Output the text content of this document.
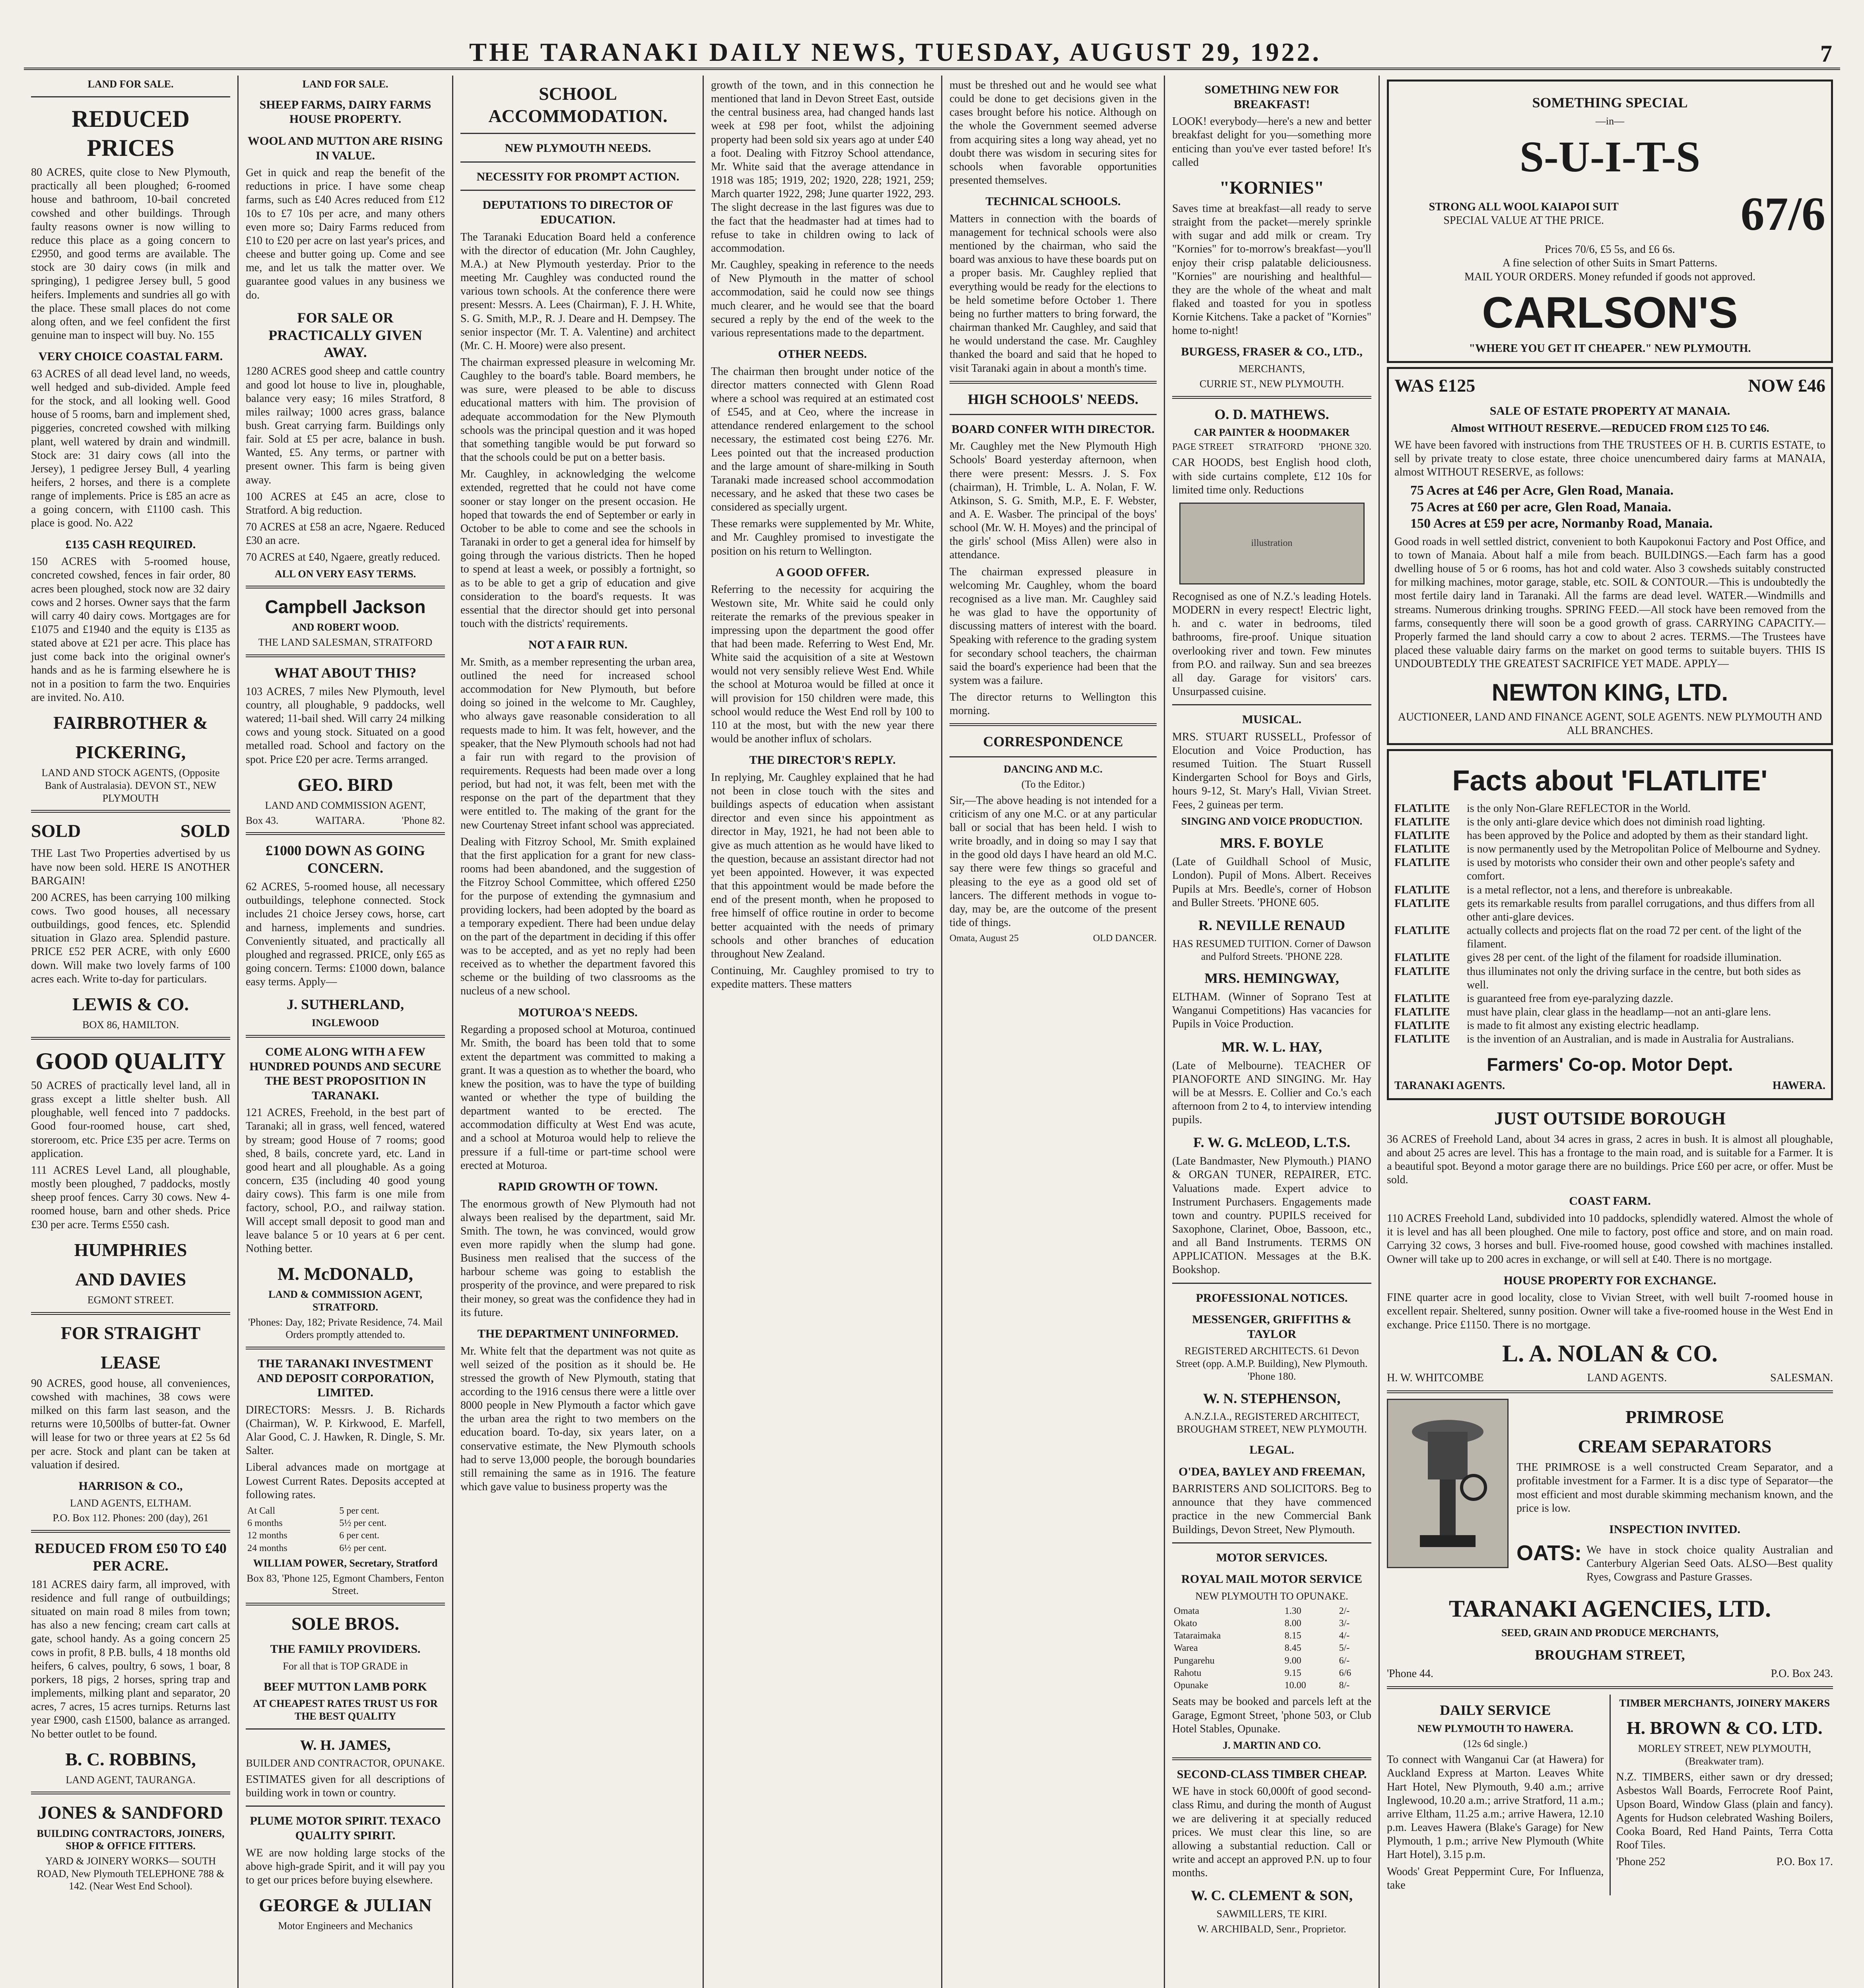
THE TARANAKI DAILY NEWS, TUESDAY, AUGUST 29, 1922.	7
LAND FOR SALE.
REDUCED PRICES
80 ACRES, quite close to New Plymouth, practically all been ploughed; 6-roomed house and bathroom, 10-bail concreted cowshed and other buildings. Through faulty reasons owner is now willing to reduce this place as a going concern to £2950, and good terms are available. The stock are 30 dairy cows (in milk and springing), 1 pedigree Jersey bull, 5 good heifers. Implements and sundries all go with the place. These small places do not come along often, and we feel confident the first genuine man to inspect will buy. No. 155
VERY CHOICE COASTAL FARM.
63 ACRES of all dead level land, no weeds, well hedged and sub-divided. Ample feed for the stock, and all looking well. Good house of 5 rooms, barn and implement shed, piggeries, concreted cowshed with milking plant, well watered by drain and windmill. Stock are: 31 dairy cows (all into the Jersey), 1 pedigree Jersey Bull, 4 yearling heifers, 2 horses, and there is a complete range of implements. Price is £85 an acre as a going concern, with £1100 cash. This place is good. No. A22
£135 CASH REQUIRED.
150 ACRES with 5-roomed house, concreted cowshed, fences in fair order, 80 acres been ploughed, stock now are 32 dairy cows and 2 horses. Owner says that the farm will carry 40 dairy cows. Mortgages are for £1075 and £1940 and the equity is £135 as stated above at £21 per acre. This place has just come back into the original owner's hands and as he is farming elsewhere he is not in a position to farm the two. Enquiries are invited. No. A10.
FAIRBROTHER &
PICKERING,
LAND AND STOCK AGENTS, (Opposite Bank of Australasia). DEVON ST., NEW PLYMOUTH
SOLD	SOLD
THE Last Two Properties advertised by us have now been sold. HERE IS ANOTHER BARGAIN!
200 ACRES, has been carrying 100 milking cows. Two good houses, all necessary outbuildings, good fences, etc. Splendid situation in Glazo area. Splendid pasture. PRICE £52 PER ACRE, with only £600 down. Will make two lovely farms of 100 acres each. Write to-day for particulars.
LEWIS & CO.
BOX 86, HAMILTON.
GOOD QUALITY
50 ACRES of practically level land, all in grass except a little shelter bush. All ploughable, well fenced into 7 paddocks. Good four-roomed house, cart shed, storeroom, etc. Price £35 per acre. Terms on application.
111 ACRES Level Land, all ploughable, mostly been ploughed, 7 paddocks, mostly sheep proof fences. Carry 30 cows. New 4-roomed house, barn and other sheds. Price £30 per acre. Terms £550 cash.
HUMPHRIES
AND DAVIES
EGMONT STREET.
FOR STRAIGHT
LEASE
90 ACRES, good house, all conveniences, cowshed with machines, 38 cows were milked on this farm last season, and the returns were 10,500lbs of butter-fat. Owner will lease for two or three years at £2 5s 6d per acre. Stock and plant can be taken at valuation if desired.
HARRISON & CO.,
LAND AGENTS, ELTHAM.
P.O. Box 112. Phones: 200 (day), 261
REDUCED FROM £50 TO £40 PER ACRE.
181 ACRES dairy farm, all improved, with residence and full range of outbuildings; situated on main road 8 miles from town; has also a new fencing; cream cart calls at gate, school handy. As a going concern 25 cows in profit, 8 P.B. bulls, 4 18 months old heifers, 6 calves, poultry, 6 sows, 1 boar, 8 porkers, 18 pigs, 2 horses, spring trap and implements, milking plant and separator, 20 acres, 7 acres, 15 acres turnips. Returns last year £900, cash £1500, balance as arranged. No better outlet to be found.
B. C. ROBBINS,
LAND AGENT, TAURANGA.
JONES & SANDFORD
BUILDING CONTRACTORS, JOINERS, SHOP & OFFICE FITTERS.
YARD & JOINERY WORKS— SOUTH ROAD, New Plymouth TELEPHONE 788 & 142. (Near West End School).
LAND FOR SALE.
SHEEP FARMS, DAIRY FARMS HOUSE PROPERTY.
WOOL AND MUTTON ARE RISING IN VALUE.
Get in quick and reap the benefit of the reductions in price. I have some cheap farms, such as £40 Acres reduced from £12 10s to £7 10s per acre, and many others even more so; Dairy Farms reduced from £10 to £20 per acre on last year's prices, and cheese and butter going up. Come and see me, and let us talk the matter over. We guarantee good values in any business we do.
FOR SALE OR PRACTICALLY GIVEN AWAY.
1280 ACRES good sheep and cattle country and good lot house to live in, ploughable, balance very easy; 16 miles Stratford, 8 miles railway; 1000 acres grass, balance bush. Great carrying farm. Buildings only fair. Sold at £5 per acre, balance in bush. Wanted, £5. Any terms, or partner with present owner. This farm is being given away.
100 ACRES at £45 an acre, close to Stratford. A big reduction.
70 ACRES at £58 an acre, Ngaere. Reduced £30 an acre.
70 ACRES at £40, Ngaere, greatly reduced.
ALL ON VERY EASY TERMS.
Campbell Jackson
AND ROBERT WOOD.
THE LAND SALESMAN, STRATFORD
WHAT ABOUT THIS?
103 ACRES, 7 miles New Plymouth, level country, all ploughable, 9 paddocks, well watered; 11-bail shed. Will carry 24 milking cows and young stock. Situated on a good metalled road. School and factory on the spot. Price £20 per acre. Terms arranged.
GEO. BIRD
LAND AND COMMISSION AGENT,
Box 43.	WAITARA.	'Phone 82.
£1000 DOWN AS GOING CONCERN.
62 ACRES, 5-roomed house, all necessary outbuildings, telephone connected. Stock includes 21 choice Jersey cows, horse, cart and harness, implements and sundries. Conveniently situated, and practically all ploughed and regrassed. PRICE, only £65 as going concern. Terms: £1000 down, balance easy terms. Apply—
J. SUTHERLAND,
INGLEWOOD
COME ALONG WITH A FEW HUNDRED POUNDS AND SECURE THE BEST PROPOSITION IN TARANAKI.
121 ACRES, Freehold, in the best part of Taranaki; all in grass, well fenced, watered by stream; good House of 7 rooms; good shed, 8 bails, concrete yard, etc. Land in good heart and all ploughable. As a going concern, £35 (including 40 good young dairy cows). This farm is one mile from factory, school, P.O., and railway station. Will accept small deposit to good man and leave balance 5 or 10 years at 6 per cent. Nothing better.
M. McDONALD,
LAND & COMMISSION AGENT, STRATFORD.
'Phones: Day, 182; Private Residence, 74. Mail Orders promptly attended to.
THE TARANAKI INVESTMENT AND DEPOSIT CORPORATION, LIMITED.
DIRECTORS: Messrs. J. B. Richards (Chairman), W. P. Kirkwood, E. Marfell, Alar Good, C. J. Hawken, R. Dingle, S. Mr. Salter.
Liberal advances made on mortgage at Lowest Current Rates. Deposits accepted at following rates.
At Call	5 per cent.
6 months	5½ per cent.
12 months	6 per cent.
24 months	6½ per cent.
WILLIAM POWER, Secretary, Stratford
Box 83, 'Phone 125, Egmont Chambers, Fenton Street.
SOLE BROS.
THE FAMILY PROVIDERS.
For all that is TOP GRADE in
BEEF MUTTON LAMB PORK
AT CHEAPEST RATES TRUST US FOR THE BEST QUALITY
W. H. JAMES,
BUILDER AND CONTRACTOR, OPUNAKE.
ESTIMATES given for all descriptions of building work in town or country.
PLUME MOTOR SPIRIT. TEXACO QUALITY SPIRIT.
WE are now holding large stocks of the above high-grade Spirit, and it will pay you to get our prices before buying elsewhere.
GEORGE & JULIAN
Motor Engineers and Mechanics
SCHOOL ACCOMMODATION.
NEW PLYMOUTH NEEDS.
NECESSITY FOR PROMPT ACTION.
DEPUTATIONS TO DIRECTOR OF EDUCATION.
The Taranaki Education Board held a conference with the director of education (Mr. John Caughley, M.A.) at New Plymouth yesterday. Prior to the meeting Mr. Caughley was conducted round the various town schools. At the conference there were present: Messrs. A. Lees (Chairman), F. J. H. White, S. G. Smith, M.P., R. J. Deare and H. Dempsey. The senior inspector (Mr. T. A. Valentine) and architect (Mr. C. H. Moore) were also present.
The chairman expressed pleasure in welcoming Mr. Caughley to the board's table. Board members, he was sure, were pleased to be able to discuss educational matters with him. The provision of adequate accommodation for the New Plymouth schools was the principal question and it was hoped that something tangible would be put forward so that the schools could be put on a better basis.
Mr. Caughley, in acknowledging the welcome extended, regretted that he could not have come sooner or stay longer on the present occasion. He hoped that towards the end of September or early in October to be able to come and see the schools in Taranaki in order to get a general idea for himself by going through the various districts. Then he hoped to spend at least a week, or possibly a fortnight, so as to be able to get a grip of education and give consideration to the board's requests. It was essential that the director should get into personal touch with the districts' requirements.
NOT A FAIR RUN.
Mr. Smith, as a member representing the urban area, outlined the need for increased school accommodation for New Plymouth, but before doing so joined in the welcome to Mr. Caughley, who always gave reasonable consideration to all requests made to him. It was felt, however, and the speaker, that the New Plymouth schools had not had a fair run with regard to the provision of requirements. Requests had been made over a long period, but had not, it was felt, been met with the response on the part of the department that they were entitled to. The making of the grant for the new Courtenay Street infant school was appreciated.
Dealing with Fitzroy School, Mr. Smith explained that the first application for a grant for new class-rooms had been abandoned, and the suggestion of the Fitzroy School Committee, which offered £250 for the purpose of extending the gymnasium and providing lockers, had been adopted by the board as a temporary expedient. There had been undue delay on the part of the department in deciding if this offer was to be accepted, and as yet no reply had been received as to whether the department favored this scheme or the building of two classrooms as the nucleus of a new school.
MOTUROA'S NEEDS.
Regarding a proposed school at Moturoa, continued Mr. Smith, the board has been told that to some extent the department was committed to making a grant. It was a question as to whether the board, who knew the position, was to have the type of building wanted or whether the type of building the department wanted to be erected. The accommodation difficulty at West End was acute, and a school at Moturoa would help to relieve the pressure if a full-time or part-time school were erected at Moturoa.
RAPID GROWTH OF TOWN.
The enormous growth of New Plymouth had not always been realised by the department, said Mr. Smith. The town, he was convinced, would grow even more rapidly when the slump had gone. Business men realised that the success of the harbour scheme was going to establish the prosperity of the province, and were prepared to risk their money, so great was the confidence they had in its future.
THE DEPARTMENT UNINFORMED.
Mr. White felt that the department was not quite as well seized of the position as it should be. He stressed the growth of New Plymouth, stating that according to the 1916 census there were a little over 8000 people in New Plymouth a factor which gave the urban area the right to two members on the education board. To-day, six years later, on a conservative estimate, the New Plymouth schools had to serve 13,000 people, the borough boundaries still remaining the same as in 1916. The feature which gave value to business property was the
growth of the town, and in this connection he mentioned that land in Devon Street East, outside the central business area, had changed hands last week at £98 per foot, whilst the adjoining property had been sold six years ago at under £40 a foot. Dealing with Fitzroy School attendance, Mr. White said that the average attendance in 1918 was 185; 1919, 202; 1920, 228; 1921, 259; March quarter 1922, 298; June quarter 1922, 293. The slight decrease in the last figures was due to the fact that the headmaster had at times had to refuse to take in children owing to lack of accommodation.
Mr. Caughley, speaking in reference to the needs of New Plymouth in the matter of school accommodation, said he could now see things much clearer, and he would see that the board secured a reply by the end of the week to the various representations made to the department.
OTHER NEEDS.
The chairman then brought under notice of the director matters connected with Glenn Road where a school was required at an estimated cost of £545, and at Ceo, where the increase in attendance rendered enlargement to the school necessary, the estimated cost being £276. Mr. Lees pointed out that the increased production and the large amount of share-milking in South Taranaki made increased school accommodation necessary, and he asked that these two cases be considered as specially urgent.
These remarks were supplemented by Mr. White, and Mr. Caughley promised to investigate the position on his return to Wellington.
A GOOD OFFER.
Referring to the necessity for acquiring the Westown site, Mr. White said he could only reiterate the remarks of the previous speaker in impressing upon the department the good offer that had been made. Referring to West End, Mr. White said the acquisition of a site at Westown would not very sensibly relieve West End. While the school at Moturoa would be filled at once it will provision for 150 children were made, this school would reduce the West End roll by 100 to 110 at the most, but with the new year there would be another influx of scholars.
THE DIRECTOR'S REPLY.
In replying, Mr. Caughley explained that he had not been in close touch with the sites and buildings aspects of education when assistant director and even since his appointment as director in May, 1921, he had not been able to give as much attention as he would have liked to the question, because an assistant director had not yet been appointed. However, it was expected that this appointment would be made before the end of the present month, when he proposed to free himself of office routine in order to become better acquainted with the needs of primary schools and other branches of education throughout New Zealand.
Continuing, Mr. Caughley promised to try to expedite matters. These matters
must be threshed out and he would see what could be done to get decisions given in the cases brought before his notice. Although on the whole the Government seemed adverse from acquiring sites a long way ahead, yet no doubt there was wisdom in securing sites for schools when favorable opportunities presented themselves.
TECHNICAL SCHOOLS.
Matters in connection with the boards of management for technical schools were also mentioned by the chairman, who said the board was anxious to have these boards put on a proper basis. Mr. Caughley replied that everything would be ready for the elections to be held sometime before October 1. There being no further matters to bring forward, the chairman thanked Mr. Caughley, and said that he would understand the case. Mr. Caughley thanked the board and said that he hoped to visit Taranaki again in about a month's time.
HIGH SCHOOLS' NEEDS.
BOARD CONFER WITH DIRECTOR.
Mr. Caughley met the New Plymouth High Schools' Board yesterday afternoon, when there were present: Messrs. J. S. Fox (chairman), H. Trimble, L. A. Nolan, F. W. Atkinson, S. G. Smith, M.P., E. F. Webster, and A. E. Wasber. The principal of the boys' school (Mr. W. H. Moyes) and the principal of the girls' school (Miss Allen) were also in attendance.
The chairman expressed pleasure in welcoming Mr. Caughley, whom the board recognised as a live man. Mr. Caughley said he was glad to have the opportunity of discussing matters of interest with the board. Speaking with reference to the grading system for secondary school teachers, the chairman said the board's experience had been that the system was a failure.
The director returns to Wellington this morning.
CORRESPONDENCE
DANCING AND M.C.
(To the Editor.)
Sir,—The above heading is not intended for a criticism of any one M.C. or at any particular ball or social that has been held. I wish to write broadly, and in doing so may I say that in the good old days I have heard an old M.C. say there were few things so graceful and pleasing to the eye as a good old set of lancers. The different methods in vogue to-day, may be, are the outcome of the present tide of things.
Omata, August 25	OLD DANCER.
SOMETHING NEW FOR BREAKFAST!
LOOK! everybody—here's a new and better breakfast delight for you—something more enticing than you've ever tasted before! It's called
"KORNIES"
Saves time at breakfast—all ready to serve straight from the packet—merely sprinkle with sugar and add milk or cream. Try "Kornies" for to-morrow's breakfast—you'll enjoy their crisp palatable deliciousness. "Kornies" are nourishing and healthful—they are the whole of the wheat and malt flaked and toasted for you in spotless Kornie Kitchens. Take a packet of "Kornies" home to-night!
BURGESS, FRASER & CO., LTD.,
MERCHANTS,
CURRIE ST., NEW PLYMOUTH.
O. D. MATHEWS.
CAR PAINTER & HOODMAKER
PAGE STREET STRATFORD 'PHONE 320.
CAR HOODS, best English hood cloth, with side curtains complete, £12 10s for limited time only. Reductions
illustration
Recognised as one of N.Z.'s leading Hotels. MODERN in every respect! Electric light, h. and c. water in bedrooms, tiled bathrooms, fire-proof. Unique situation overlooking river and town. Few minutes from P.O. and railway. Sun and sea breezes all day. Garage for visitors' cars. Unsurpassed cuisine.
MUSICAL.
MRS. STUART RUSSELL, Professor of Elocution and Voice Production, has resumed Tuition. The Stuart Russell Kindergarten School for Boys and Girls, hours 9-12, St. Mary's Hall, Vivian Street. Fees, 2 guineas per term.
SINGING AND VOICE PRODUCTION.
MRS. F. BOYLE
(Late of Guildhall School of Music, London). Pupil of Mons. Albert. Receives Pupils at Mrs. Beedle's, corner of Hobson and Buller Streets. 'PHONE 605.
R. NEVILLE RENAUD
HAS RESUMED TUITION. Corner of Dawson and Pulford Streets. 'PHONE 228.
MRS. HEMINGWAY,
ELTHAM. (Winner of Soprano Test at Wanganui Competitions) Has vacancies for Pupils in Voice Production.
MR. W. L. HAY,
(Late of Melbourne). TEACHER OF PIANOFORTE AND SINGING. Mr. Hay will be at Messrs. E. Collier and Co.'s each afternoon from 2 to 4, to interview intending pupils.
F. W. G. McLEOD, L.T.S.
(Late Bandmaster, New Plymouth.) PIANO & ORGAN TUNER, REPAIRER, ETC. Valuations made. Expert advice to Instrument Purchasers. Engagements made town and country. PUPILS received for Saxophone, Clarinet, Oboe, Bassoon, etc., and all Band Instruments. TERMS ON APPLICATION. Messages at the B.K. Bookshop.
PROFESSIONAL NOTICES.
MESSENGER, GRIFFITHS & TAYLOR
REGISTERED ARCHITECTS. 61 Devon Street (opp. A.M.P. Building), New Plymouth. 'Phone 180.
W. N. STEPHENSON,
A.N.Z.I.A., REGISTERED ARCHITECT, BROUGHAM STREET, NEW PLYMOUTH.
LEGAL.
O'DEA, BAYLEY AND FREEMAN,
BARRISTERS AND SOLICITORS. Beg to announce that they have commenced practice in the new Commercial Bank Buildings, Devon Street, New Plymouth.
MOTOR SERVICES.
ROYAL MAIL MOTOR SERVICE
NEW PLYMOUTH TO OPUNAKE.
Omata	1.30	2/-
Okato	8.00	3/-
Tataraimaka	8.15	4/-
Warea	8.45	5/-
Pungarehu	9.00	6/-
Rahotu	9.15	6/6
Opunake	10.00	8/-
Seats may be booked and parcels left at the Garage, Egmont Street, 'phone 503, or Club Hotel Stables, Opunake.
J. MARTIN AND CO.
SECOND-CLASS TIMBER CHEAP.
WE have in stock 60,000ft of good second-class Rimu, and during the month of August we are delivering it at specially reduced prices. We must clear this line, so are allowing a substantial reduction. Call or write and accept an approved P.N. up to four months.
W. C. CLEMENT & SON,
SAWMILLERS, TE KIRI.
W. ARCHIBALD, Senr., Proprietor.
SOMETHING SPECIAL
—in—
S-U-I-T-S
STRONG ALL WOOL KAIAPOI SUIT
SPECIAL VALUE AT THE PRICE.	67/6
Prices 70/6, £5 5s, and £6 6s.
A fine selection of other Suits in Smart Patterns.
MAIL YOUR ORDERS. Money refunded if goods not approved.
CARLSON'S
"WHERE YOU GET IT CHEAPER." NEW PLYMOUTH.
WAS £125	NOW £46
SALE OF ESTATE PROPERTY AT MANAIA.
Almost WITHOUT RESERVE.—REDUCED FROM £125 TO £46.
WE have been favored with instructions from THE TRUSTEES OF H. B. CURTIS ESTATE, to sell by private treaty to close estate, three choice unencumbered dairy farms at MANAIA, almost WITHOUT RESERVE, as follows:
75 Acres at £46 per Acre, Glen Road, Manaia.
75 Acres at £60 per acre, Glen Road, Manaia.
150 Acres at £59 per acre, Normanby Road, Manaia.
Good roads in well settled district, convenient to both Kaupokonui Factory and Post Office, and to town of Manaia. About half a mile from beach. BUILDINGS.—Each farm has a good dwelling house of 5 or 6 rooms, has hot and cold water. Also 3 cowsheds suitably constructed for milking machines, motor garage, stable, etc. SOIL & CONTOUR.—This is undoubtedly the most fertile dairy land in Taranaki. All the farms are dead level. WATER.—Windmills and streams. Numerous drinking troughs. SPRING FEED.—All stock have been removed from the farms, consequently there will soon be a good growth of grass. CARRYING CAPACITY.— Properly farmed the land should carry a cow to about 2 acres. TERMS.—The Trustees have placed these valuable dairy farms on the market on good terms to suitable buyers. THIS IS UNDOUBTEDLY THE GREATEST SACRIFICE YET MADE. APPLY—
NEWTON KING, LTD.
AUCTIONEER, LAND AND FINANCE AGENT, SOLE AGENTS. NEW PLYMOUTH AND ALL BRANCHES.
Facts about 'FLATLITE'
FLATLITE	is the only Non-Glare REFLECTOR in the World.
FLATLITE	is the only anti-glare device which does not diminish road lighting.
FLATLITE	has been approved by the Police and adopted by them as their standard light.
FLATLITE	is now permanently used by the Metropolitan Police of Melbourne and Sydney.
FLATLITE	is used by motorists who consider their own and other people's safety and comfort.
FLATLITE	is a metal reflector, not a lens, and therefore is unbreakable.
FLATLITE	gets its remarkable results from parallel corrugations, and thus differs from all other anti-glare devices.
FLATLITE	actually collects and projects flat on the road 72 per cent. of the light of the filament.
FLATLITE	gives 28 per cent. of the light of the filament for roadside illumination.
FLATLITE	thus illuminates not only the driving surface in the centre, but both sides as well.
FLATLITE	is guaranteed free from eye-paralyzing dazzle.
FLATLITE	must have plain, clear glass in the headlamp—not an anti-glare lens.
FLATLITE	is made to fit almost any existing electric headlamp.
FLATLITE	is the invention of an Australian, and is made in Australia for Australians.
Farmers' Co-op. Motor Dept.
TARANAKI AGENTS.	HAWERA.
JUST OUTSIDE BOROUGH
36 ACRES of Freehold Land, about 34 acres in grass, 2 acres in bush. It is almost all ploughable, and about 25 acres are level. This has a frontage to the main road, and is suitable for a Farmer. It is a beautiful spot. Beyond a motor garage there are no buildings. Price £60 per acre, or offer. Must be sold.
COAST FARM.
110 ACRES Freehold Land, subdivided into 10 paddocks, splendidly watered. Almost the whole of it is level and has all been ploughed. One mile to factory, post office and store, and on main road. Carrying 32 cows, 3 horses and bull. Five-roomed house, good cowshed with machines installed. Owner will take up to 200 acres in exchange, or will sell at £40. There is no mortgage.
HOUSE PROPERTY FOR EXCHANGE.
FINE quarter acre in good locality, close to Vivian Street, with well built 7-roomed house in excellent repair. Sheltered, sunny position. Owner will take a five-roomed house in the West End in exchange. Price £1150. There is no mortgage.
L. A. NOLAN & CO.
H. W. WHITCOMBE	LAND AGENTS.	SALESMAN.
PRIMROSE
CREAM SEPARATORS
THE PRIMROSE is a well constructed Cream Separator, and a profitable investment for a Farmer. It is a disc type of Separator—the most efficient and most durable skimming mechanism known, and the price is low.
INSPECTION INVITED.
OATS: We have in stock choice quality Australian and Canterbury Algerian Seed Oats. ALSO—Best quality Ryes, Cowgrass and Pasture Grasses.
TARANAKI AGENCIES, LTD.
SEED, GRAIN AND PRODUCE MERCHANTS,
BROUGHAM STREET,
'Phone 44.	P.O. Box 243.
DAILY SERVICE
NEW PLYMOUTH TO HAWERA.
(12s 6d single.)
To connect with Wanganui Car (at Hawera) for Auckland Express at Marton. Leaves White Hart Hotel, New Plymouth, 9.40 a.m.; arrive Inglewood, 10.20 a.m.; arrive Stratford, 11 a.m.; arrive Eltham, 11.25 a.m.; arrive Hawera, 12.10 p.m. Leaves Hawera (Blake's Garage) for New Plymouth, 1 p.m.; arrive New Plymouth (White Hart Hotel), 3.15 p.m.
Woods' Great Peppermint Cure, For Influenza, take
TIMBER MERCHANTS, JOINERY MAKERS
H. BROWN & CO. LTD.
MORLEY STREET, NEW PLYMOUTH, (Breakwater tram).
N.Z. TIMBERS, either sawn or dry dressed; Asbestos Wall Boards, Ferrocrete Roof Paint, Upson Board, Window Glass (plain and fancy). Agents for Hudson celebrated Washing Boilers, Cooka Board, Red Hand Paints, Terra Cotta Roof Tiles.
'Phone 252	P.O. Box 17.
